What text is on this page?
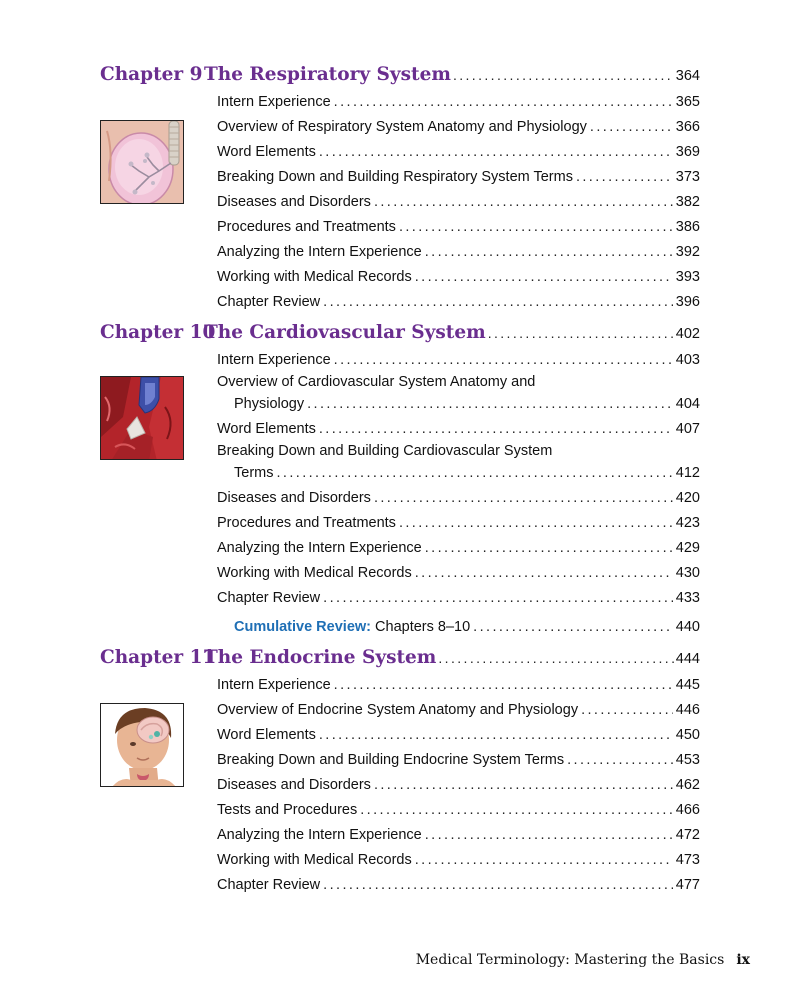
Chapter 9 The Respiratory System .....	364
Intern Experience .....	365
Overview of Respiratory System Anatomy and Physiology .....	366
Word Elements .....	369
Breaking Down and Building Respiratory System Terms .....	373
Diseases and Disorders .....	382
Procedures and Treatments .....	386
Analyzing the Intern Experience .....	392
Working with Medical Records .....	393
Chapter Review .....	396
Chapter 10
The Cardiovascular System .....	402
Intern Experience .....	403
Overview of Cardiovascular System Anatomy and
Physiology .....	404
Word Elements .....	407
Breaking Down and Building Cardiovascular System
Terms .....	412
Diseases and Disorders .....	420
Procedures and Treatments .....	423
Analyzing the Intern Experience .....	429
Working with Medical Records .....	430
Chapter Review .....	433
Cumulative Review: Chapters 8–10 .....	440
Chapter 11
The Endocrine System .....	444
Intern Experience .....	445
Overview of Endocrine System Anatomy and Physiology .....	446
Word Elements .....	450
Breaking Down and Building Endocrine System Terms .....	453
Diseases and Disorders .....	462
Tests and Procedures .....	466
Analyzing the Intern Experience .....	472
Working with Medical Records .....	473
Chapter Review .....	477
Medical Terminology: Mastering the Basics ix
